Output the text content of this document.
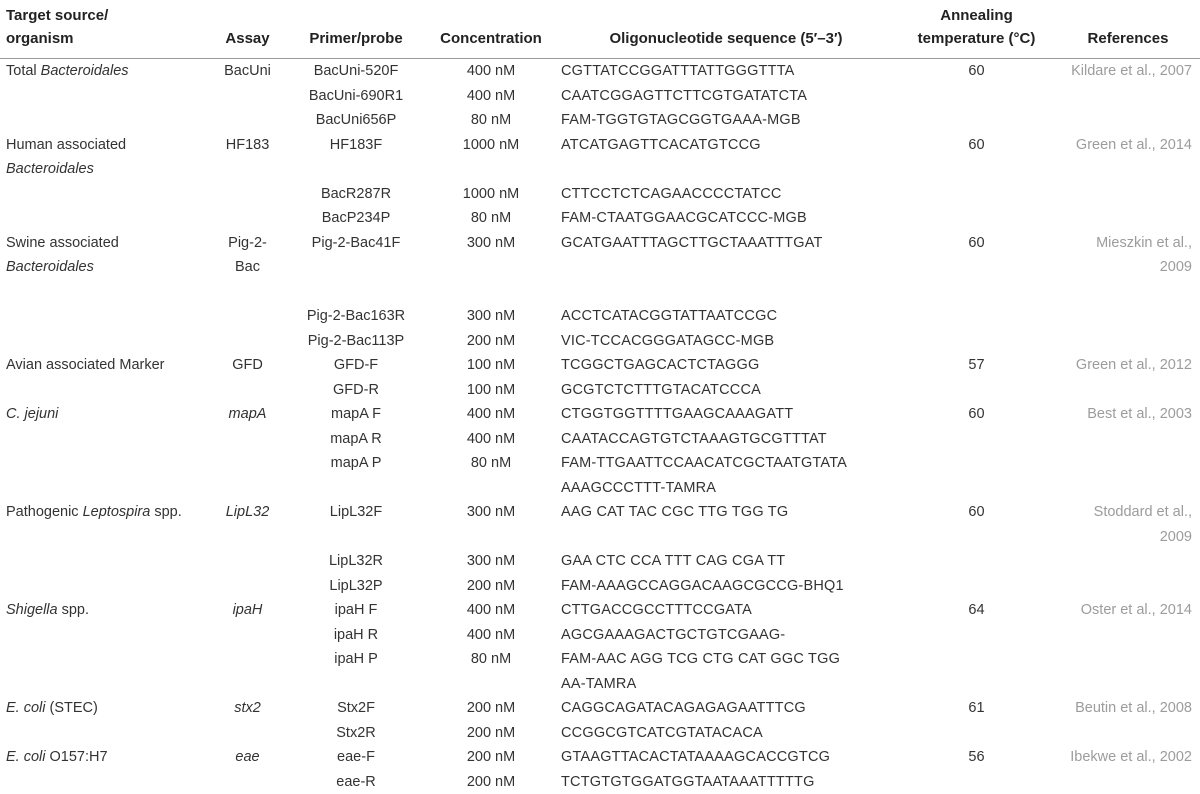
Target source/
organism	Assay	Primer/probe	Concentration	Oligonucleotide sequence (5′–3′)	Annealing
temperature (°C)	References
Total Bacteroidales	BacUni	BacUni-520F	400 nM	CGTTATCCGGATTTATTGGGTTTA	60	Kildare et al., 2007
		BacUni-690R1	400 nM	CAATCGGAGTTCTTCGTGATATCTA		
		BacUni656P	80 nM	FAM-TGGTGTAGCGGTGAAA-MGB		

Human associated
Bacteroidales	HF183	HF183F	1000 nM	ATCATGAGTTCACATGTCCG	60	Green et al., 2014

		BacR287R	1000 nM	CTTCCTCTCAGAACCCCTATCC		
		BacP234P	80 nM	FAM-CTAATGGAACGCATCCC-MGB		

Swine associated
Bacteroidales	Pig-2-Bac	Pig-2-Bac41F	300 nM	GCATGAATTTAGCTTGCTAAATTTGAT	60	Mieszkin et al., 2009

		Pig-2-Bac163R	300 nM	ACCTCATACGGTATTAATCCGC		
		Pig-2-Bac113P	200 nM	VIC-TCCACGGGATAGCC-MGB		
Avian associated Marker	GFD	GFD-F	100 nM	TCGGCTGAGCACTCTAGGG	57	Green et al., 2012
		GFD-R	100 nM	GCGTCTCTTTGTACATCCCA		
C. jejuni	mapA	mapA F	400 nM	CTGGTGGTTTTGAAGCAAAGATT	60	Best et al., 2003
		mapA R	400 nM	CAATACCAGTGTCTAAAGTGCGTTTAT		
		mapA P	80 nM	FAM-TTGAATTCCAACATCGCTAATGTATA
AAAGCCCTTT-TAMRA		

Pathogenic Leptospira spp.	LipL32	LipL32F	300 nM	AAG CAT TAC CGC TTG TGG TG	60	Stoddard et al., 2009
		LipL32R	300 nM	GAA CTC CCA TTT CAG CGA TT		
		LipL32P	200 nM	FAM-AAAGCCAGGACAAGCGCCG-BHQ1		
Shigella spp.	ipaH	ipaH F	400 nM	CTTGACCGCCTTTCCGATA	64	Oster et al., 2014
		ipaH R	400 nM	AGCGAAAGACTGCTGTCGAAG-		
		ipaH P	80 nM	FAM-AAC AGG TCG CTG CAT GGC TGG
AA-TAMRA		

E. coli (STEC)	stx2	Stx2F	200 nM	CAGGCAGATACAGAGAGAATTTCG	61	Beutin et al., 2008
		Stx2R	200 nM	CCGGCGTCATCGTATACACA		
E. coli O157:H7	eae	eae-F	200 nM	GTAAGTTACACTATAAAAGCACCGTCG	56	Ibekwe et al., 2002
		eae-R	200 nM	TCTGTGTGGATGGTAATAAATTTTTG		
